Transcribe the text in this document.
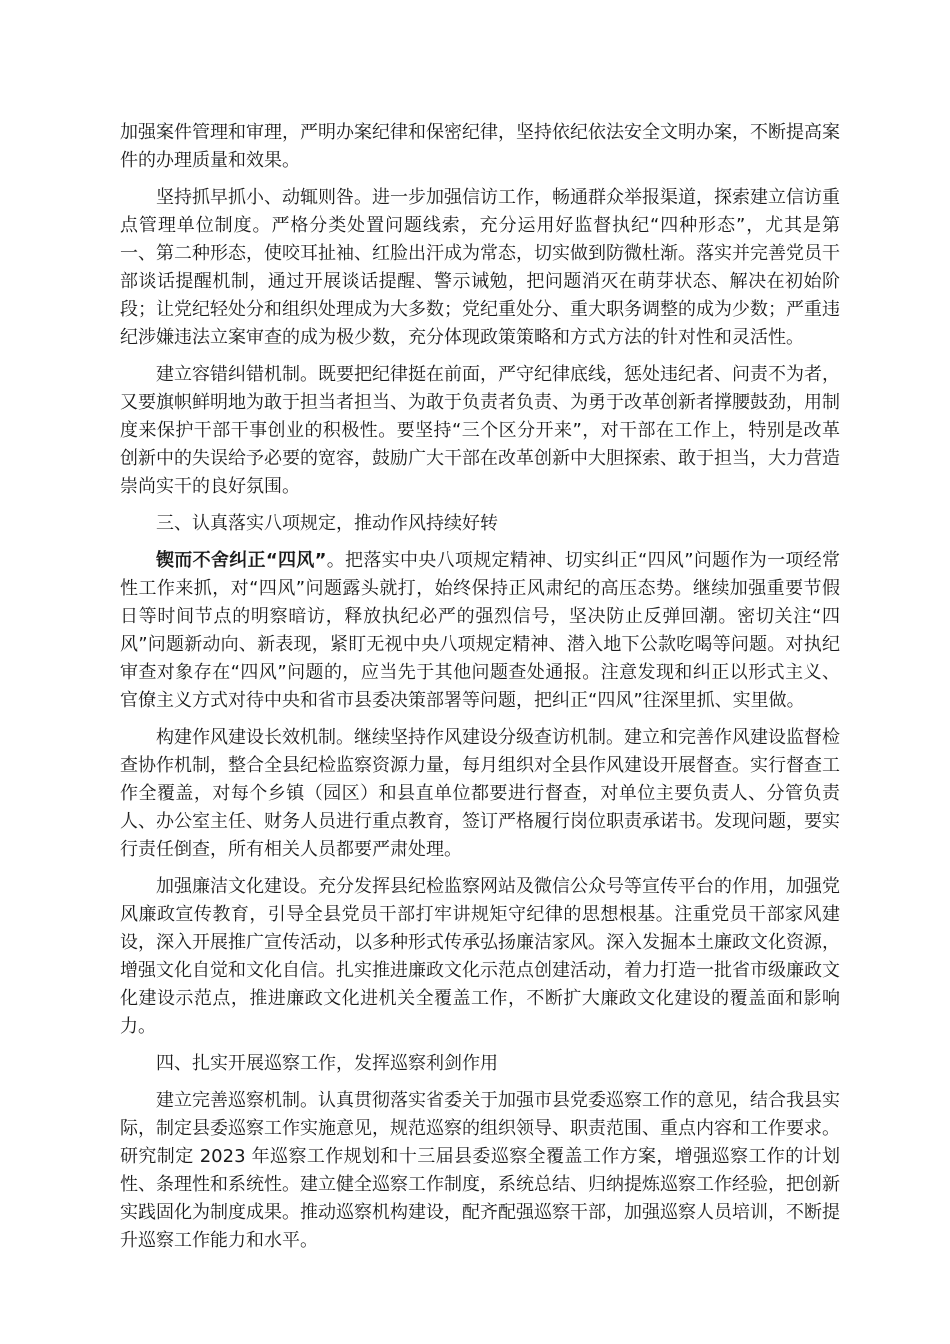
加强案件管理和审理，严明办案纪律和保密纪律，坚持依纪依法安全文明办案，不断提高案件的办理质量和效果。

坚持抓早抓小、动辄则咎。进一步加强信访工作，畅通群众举报渠道，探索建立信访重点管理单位制度。严格分类处置问题线索，充分运用好监督执纪“四种形态”，尤其是第一、第二种形态，使咬耳扯袖、红脸出汗成为常态，切实做到防微杜渐。落实并完善党员干部谈话提醒机制，通过开展谈话提醒、警示诫勉，把问题消灭在萌芽状态、解决在初始阶段；让党纪轻处分和组织处理成为大多数；党纪重处分、重大职务调整的成为少数；严重违纪涉嫌违法立案审查的成为极少数，充分体现政策策略和方式方法的针对性和灵活性。

建立容错纠错机制。既要把纪律挺在前面，严守纪律底线，惩处违纪者、问责不为者，又要旗帜鲜明地为敢于担当者担当、为敢于负责者负责、为勇于改革创新者撑腰鼓劲，用制度来保护干部干事创业的积极性。要坚持“三个区分开来”，对干部在工作上，特别是改革创新中的失误给予必要的宽容，鼓励广大干部在改革创新中大胆探索、敢于担当，大力营造崇尚实干的良好氛围。

三、认真落实八项规定，推动作风持续好转

锲而不舍纠正“四风”。把落实中央八项规定精神、切实纠正“四风”问题作为一项经常性工作来抓，对“四风”问题露头就打，始终保持正风肃纪的高压态势。继续加强重要节假日等时间节点的明察暗访，释放执纪必严的强烈信号，坚决防止反弹回潮。密切关注“四风”问题新动向、新表现，紧盯无视中央八项规定精神、潜入地下公款吃喝等问题。对执纪审查对象存在“四风”问题的，应当先于其他问题查处通报。注意发现和纠正以形式主义、官僚主义方式对待中央和省市县委决策部署等问题，把纠正“四风”往深里抓、实里做。

构建作风建设长效机制。继续坚持作风建设分级查访机制。建立和完善作风建设监督检查协作机制，整合全县纪检监察资源力量，每月组织对全县作风建设开展督查。实行督查工作全覆盖，对每个乡镇（园区）和县直单位都要进行督查，对单位主要负责人、分管负责人、办公室主任、财务人员进行重点教育，签订严格履行岗位职责承诺书。发现问题，要实行责任倒查，所有相关人员都要严肃处理。

加强廉洁文化建设。充分发挥县纪检监察网站及微信公众号等宣传平台的作用，加强党风廉政宣传教育，引导全县党员干部打牢讲规矩守纪律的思想根基。注重党员干部家风建设，深入开展推广宣传活动，以多种形式传承弘扬廉洁家风。深入发掘本土廉政文化资源，增强文化自觉和文化自信。扎实推进廉政文化示范点创建活动，着力打造一批省市级廉政文化建设示范点，推进廉政文化进机关全覆盖工作，不断扩大廉政文化建设的覆盖面和影响力。

四、扎实开展巡察工作，发挥巡察利剑作用

建立完善巡察机制。认真贯彻落实省委关于加强市县党委巡察工作的意见，结合我县实际，制定县委巡察工作实施意见，规范巡察的组织领导、职责范围、重点内容和工作要求。研究制定 2023 年巡察工作规划和十三届县委巡察全覆盖工作方案，增强巡察工作的计划性、条理性和系统性。建立健全巡察工作制度，系统总结、归纳提炼巡察工作经验，把创新实践固化为制度成果。推动巡察机构建设，配齐配强巡察干部，加强巡察人员培训，不断提升巡察工作能力和水平。
